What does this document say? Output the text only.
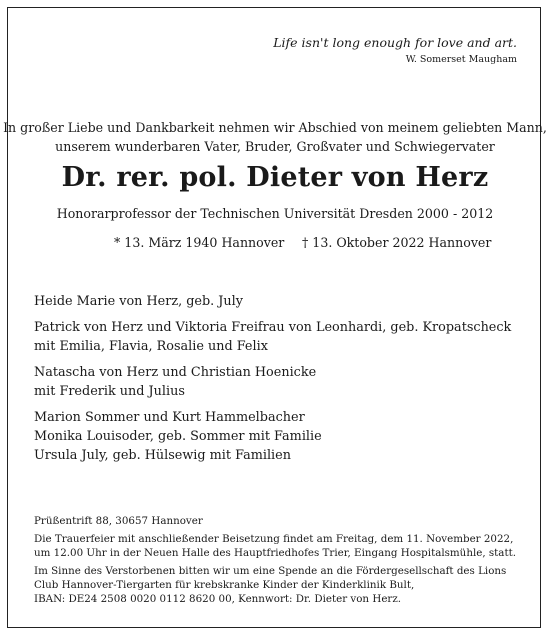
Life isn't long enough for love and art.
W. Somerset Maugham
In großer Liebe und Dankbarkeit nehmen wir Abschied von meinem geliebten Mann,
unserem wunderbaren Vater, Bruder, Großvater und Schwiegervater
Dr. rer. pol. Dieter von Herz
Honorarprofessor der Technischen Universität Dresden 2000 - 2012
* 13. März 1940 Hannover † 13. Oktober 2022 Hannover
Heide Marie von Herz, geb. July
Patrick von Herz und Viktoria Freifrau von Leonhardi, geb. Kropatscheck
mit Emilia, Flavia, Rosalie und Felix
Natascha von Herz und Christian Hoenicke
mit Frederik und Julius
Marion Sommer und Kurt Hammelbacher
Monika Louisoder, geb. Sommer mit Familie
Ursula July, geb. Hülsewig mit Familien
Prüßentrift 88, 30657 Hannover
Die Trauerfeier mit anschließender Beisetzung findet am Freitag, dem 11. November 2022,
um 12.00 Uhr in der Neuen Halle des Hauptfriedhofes Trier, Eingang Hospitalsmühle, statt.
Im Sinne des Verstorbenen bitten wir um eine Spende an die Fördergesellschaft des Lions
Club Hannover-Tiergarten für krebskranke Kinder der Kinderklinik Bult,
IBAN: DE24 2508 0020 0112 8620 00, Kennwort: Dr. Dieter von Herz.
